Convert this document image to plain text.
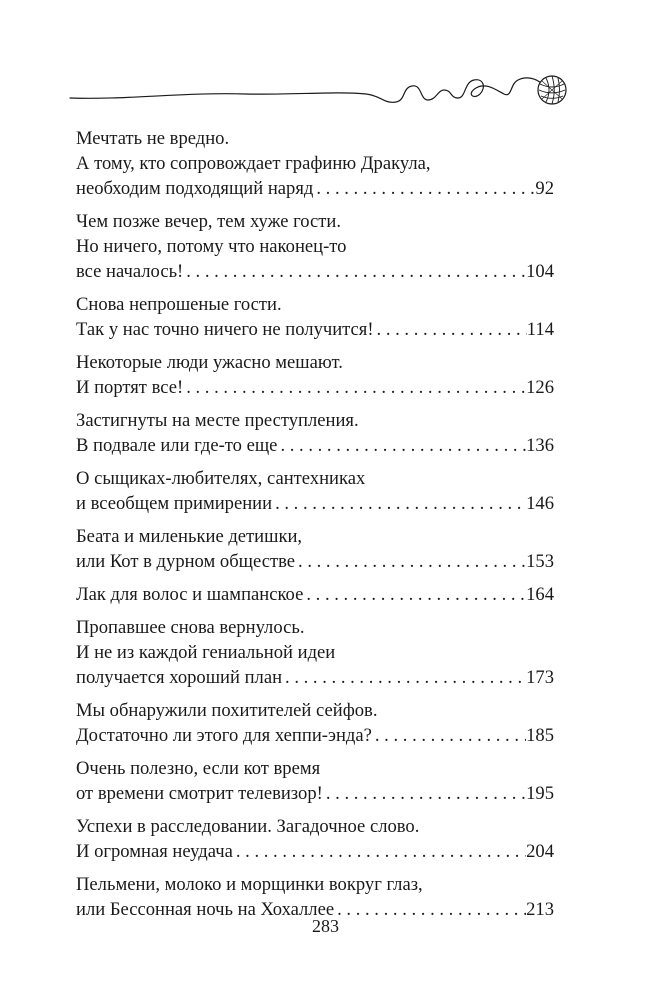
Мечтать не вредно.
А тому, кто сопровождает графиню Дракула,
необходим подходящий наряд . . .	92
Чем позже вечер, тем хуже гости.
Но ничего, потому что наконец-то
все началось! . . .	104
Снова непрошеные гости.
Так у нас точно ничего не получится! . . .	114
Некоторые люди ужасно мешают.
И портят все! . . .	126
Застигнуты на месте преступления.
В подвале или где-то еще . . .	136
О сыщиках-любителях, сантехниках
и всеобщем примирении . . .	146
Беата и миленькие детишки,
или Кот в дурном обществе . . .	153
Лак для волос и шампанское . . .	164
Пропавшее снова вернулось.
И не из каждой гениальной идеи
получается хороший план . . .	173
Мы обнаружили похитителей сейфов.
Достаточно ли этого для хеппи-энда? . . .	185
Очень полезно, если кот время
от времени смотрит телевизор! . . .	195
Успехи в расследовании. Загадочное слово.
И огромная неудача . . .	204
Пельмени, молоко и морщинки вокруг глаз,
или Бессонная ночь на Хохаллее . . .	213
283
